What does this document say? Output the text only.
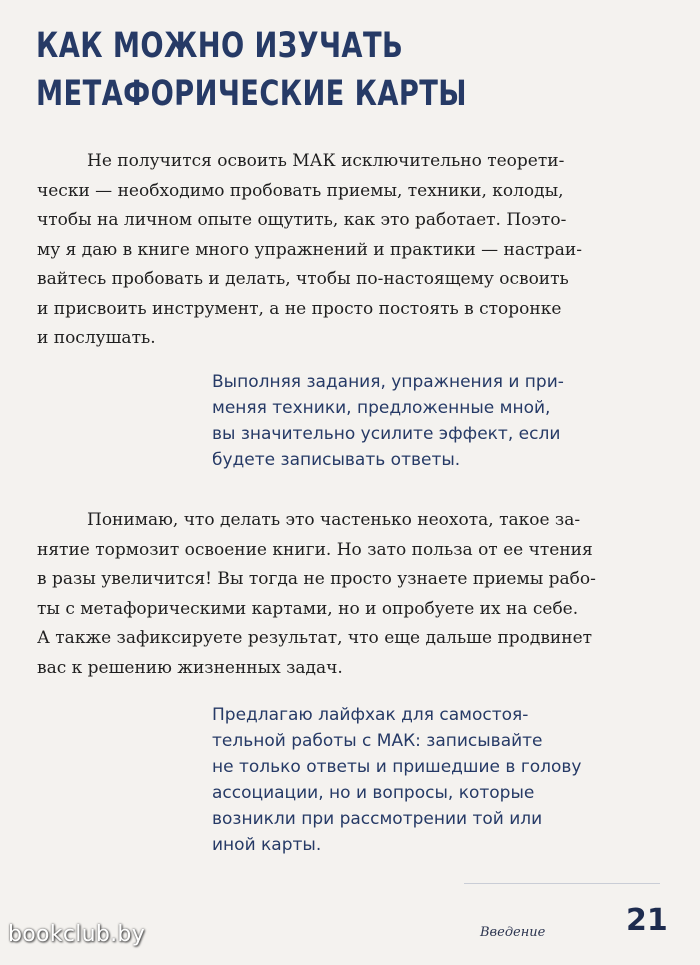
КАК МОЖНО ИЗУЧАТЬ
МЕТАФОРИЧЕСКИЕ КАРТЫ
Не получится освоить МАК исключительно теорети-
чески — необходимо пробовать приемы, техники, колоды,
чтобы на личном опыте ощутить, как это работает. Поэто-
му я даю в книге много упражнений и практики — настраи-
вайтесь пробовать и делать, чтобы по-настоящему освоить
и присвоить инструмент, а не просто постоять в сторонке
и послушать.
Выполняя задания, упражнения и при-
меняя техники, предложенные мной,
вы значительно усилите эффект, если
будете записывать ответы.
Понимаю, что делать это частенько неохота, такое за-
нятие тормозит освоение книги. Но зато польза от ее чтения
в разы увеличится! Вы тогда не просто узнаете приемы рабо-
ты с метафорическими картами, но и опробуете их на себе.
А также зафиксируете результат, что еще дальше продвинет
вас к решению жизненных задач.
Предлагаю лайфхак для самостоя-
тельной работы с МАК: записывайте
не только ответы и пришедшие в голову
ассоциации, но и вопросы, которые
возникли при рассмотрении той или
иной карты.
Введение	21
bookclub.by
